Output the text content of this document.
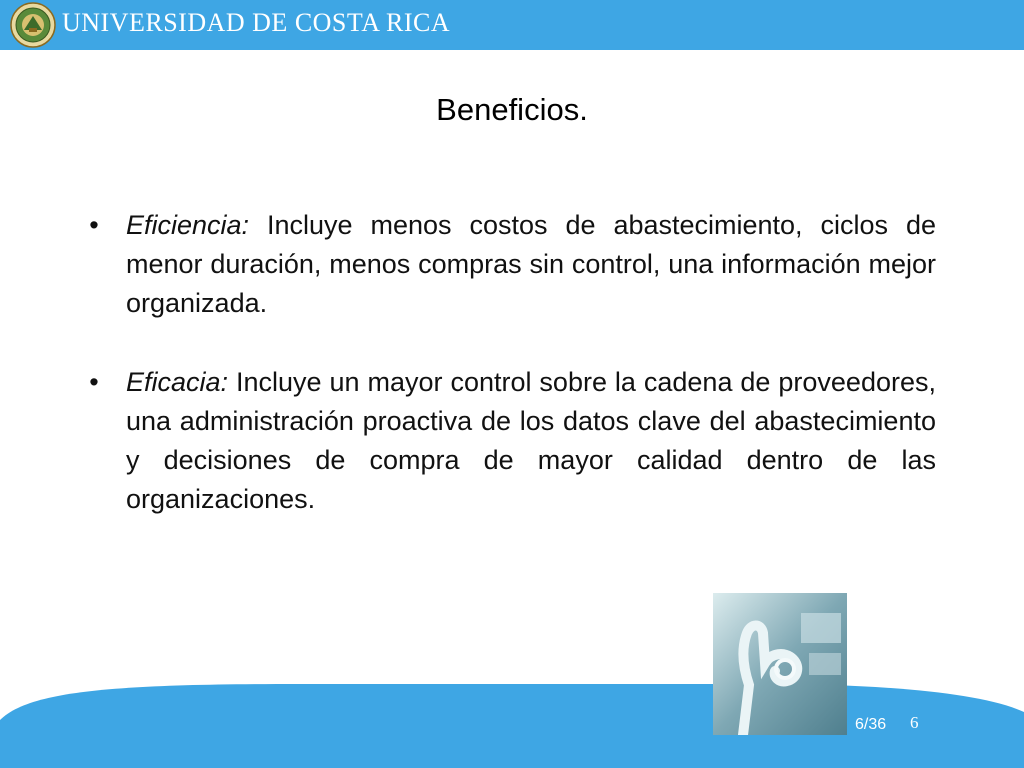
UNIVERSIDAD DE COSTA RICA
Beneficios.
• Eficiencia: Incluye menos costos de abastecimiento, ciclos de menor duración, menos compras sin control, una información mejor organizada.
• Eficacia: Incluye un mayor control sobre la cadena de proveedores, una administración proactiva de los datos clave del abastecimiento y decisiones de compra de mayor calidad dentro de las organizaciones.
6/36 6
